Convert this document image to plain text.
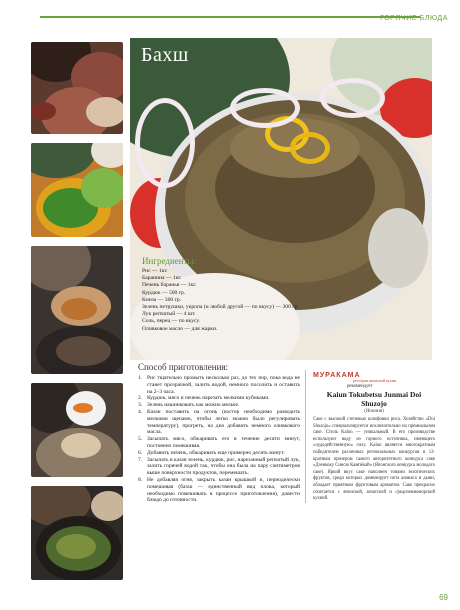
ГОРЯЧИЕ БЛЮДА
Бахш
Ингредиенты:
Рис — 1кг.
Баранина — 1кг.
Печень баранья — 1кг.
Курдюк — 500 гр.
Кинза — 300 гр.
Зелень петрушки, укропа (и любой другой — по вкусу) — 300 гр.
Лук репчатый — 4 шт.
Соль, перец — по вкусу.
Оливковое масло — для жарки.
Способ приготовления:
1. Рис тщательно промыть несколько раз, до тех пор, пока вода не станет прозрачной, залить водой, немного посолить и оставить на 2–3 часа.
2. Курдюк, мясо и печень нарезать мелкими кубиками.
3. Зелень нашинковать как можно мельче.
4. Казан поставить на огонь (костер необходимо разводить мелкими щепами, чтобы легко можно было регулировать температуру), прогреть, на дно добавить немного оливкового масла.
5. Засыпать мясо, обжаривать его в течение десяти минут, постоянно помешивая.
6. Добавить печень, обжаривать еще примерно десять минут.
7. Засыпать в казан зелень, курдюк, рис, нарезанный репчатый лук, залить горячей водой так, чтобы она была на пару сантиметров выше поверхности продуктов, перемешать.
8. Не добавляя огня, закрыть казан крышкой и, периодически помешивая (бахш — единственный вид плова, который необходимо помешивать в процессе приготовления), довести блюдо до готовности.
МУРАКАМА
ресторан японской кухни
рекомендует
Kaiun Tokubetsu Junmai Doi Shuzojo
(Япония)
Саке с высокой степенью шлифовки риса. Хозяйство «Doi Shuzojo» специализируется исключительно на премиальном саке. Стиль Kaiun — уникальный. В его производстве используют воду из горного источника, имеющего «чудодейственную» силу. Kaiun является многократным победителем различных региональных конкурсов и 12-кратным призером самого авторитетного конкурса саке «Дзенкоку Синсю Кампёкай» (Японского конкурса молодого саке). Яркий вкус саке наполнен тонами экзотических фруктов, среди которых доминирует нота ананаса и дыни, обладает приятным фруктовым ароматом. Саке прекрасно сочетается с японской, азиатской и средиземноморской кухней.
69
